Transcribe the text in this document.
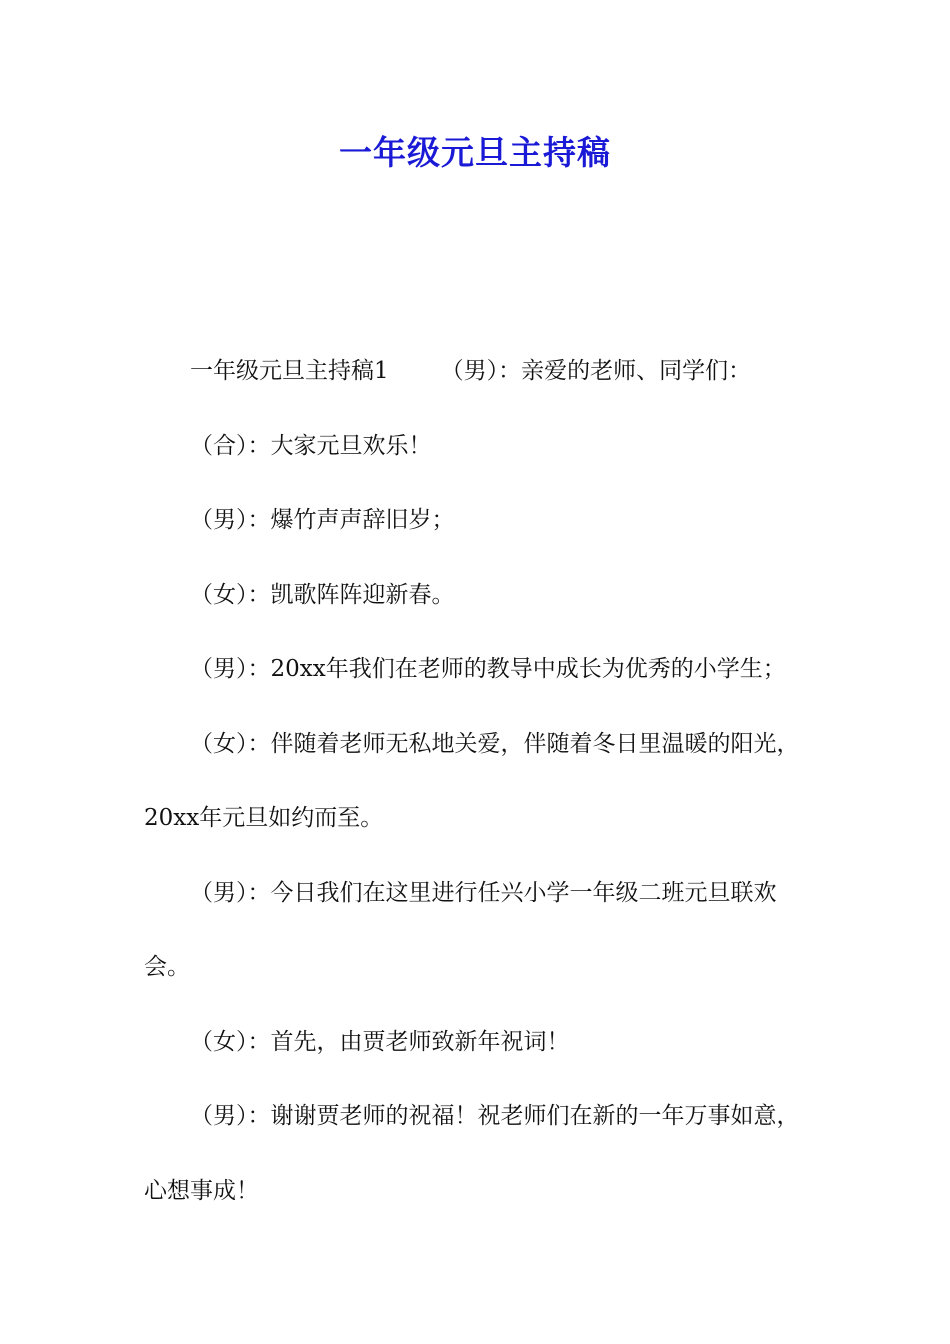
一年级元旦主持稿

一年级元旦主持稿1 （男）：亲爱的老师、同学们：

（合）：大家元旦欢乐！

（男）：爆竹声声辞旧岁；

（女）：凯歌阵阵迎新春。

（男）：20xx年我们在老师的教导中成长为优秀的小学生；

（女）：伴随着老师无私地关爱，伴随着冬日里温暖的阳光，20xx年元旦如约而至。

（男）：今日我们在这里进行任兴小学一年级二班元旦联欢会。

（女）：首先，由贾老师致新年祝词！

（男）：谢谢贾老师的祝福！祝老师们在新的一年万事如意，心想事成！
